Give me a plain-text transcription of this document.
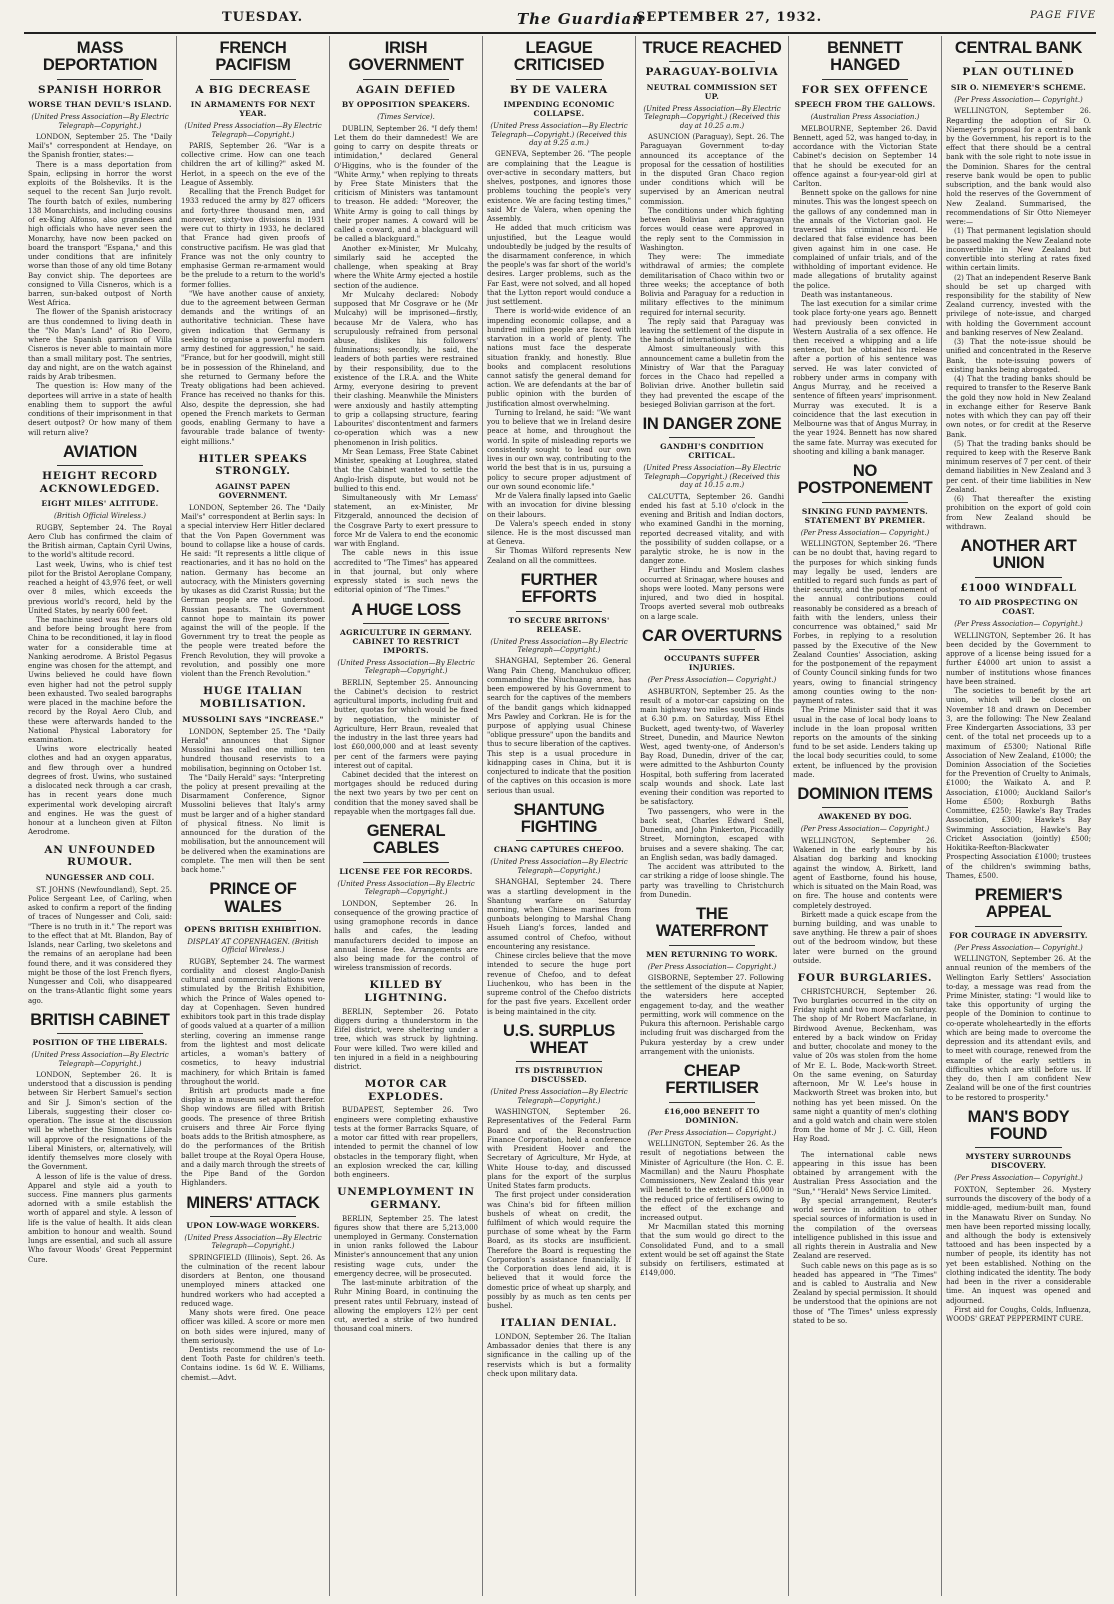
TUESDAY.	The Guardian
SEPTEMBER 27, 1932.	PAGE FIVE
MASS DEPORTATION
SPANISH HORROR
WORSE THAN DEVIL'S ISLAND.
(United Press Association—By Electric Telegraph—Copyright.)

LONDON, September 25. The "Daily Mail's" correspondent at Hendaye, on the Spanish frontier, states:—

There is a mass deportation from Spain, eclipsing in horror the worst exploits of the Bolsheviks. It is the sequel to the recent San Jurjo revolt. The fourth batch of exiles, numbering 138 Monarchists, and including cousins of ex-King Alfonso, also grandees and high officials who have never seen the Monarchy, have now been packed on board the transport "Espana," and this under conditions that are infinitely worse than those of any old time Botany Bay convict ship. The deportees are consigned to Villa Cisneros, which is a barren, sun-baked outpost of North West Africa.

The flower of the Spanish aristocracy are thus condemned to living death in the "No Man's Land" of Rio Deoro, where the Spanish garrison of Villa Cisneros is never able to maintain more than a small military post. The sentries, day and night, are on the watch against raids by Arab tribesmen.

The question is: How many of the deportees will arrive in a state of health enabling them to support the awful conditions of their imprisonment in that desert outpost? Or how many of them will return alive?

AVIATION
HEIGHT RECORD ACKNOWLEDGED.
EIGHT MILES' ALTITUDE.
(British Official Wireless.)

RUGBY, September 24. The Royal Aero Club has confirmed the claim of the British airman, Captain Cyril Uwins, to the world's altitude record.

Last week, Uwins, who is chief test pilot for the Bristol Aeroplane Company, reached a height of 43,976 feet, or well over 8 miles, which exceeds the previous world's record, held by the United States, by nearly 600 feet.

The machine used was five years old and before being brought here from China to be reconditioned, it lay in flood water for a considerable time at Nanking aerodrome. A Bristol Pegasus engine was chosen for the attempt, and Uwins believed he could have flown even higher had not the petrol supply been exhausted. Two sealed barographs were placed in the machine before the record by the Royal Aero Club, and these were afterwards handed to the National Physical Laboratory for examination.

Uwins wore electrically heated clothes and had an oxygen apparatus, and flew through over a hundred degrees of frost. Uwins, who sustained a dislocated neck through a car crash, has in recent years done much experimental work developing aircraft and engines. He was the guest of honour at a luncheon given at Filton Aerodrome.

AN UNFOUNDED RUMOUR.
NUNGESSER AND COLI.

ST. JOHNS (Newfoundland), Sept. 25. Police Sergeant Lee, of Carling, when asked to confirm a report of the finding of traces of Nungesser and Coli, said: "There is no truth in it." The report was to the effect that at Mt. Blandon, Bay of Islands, near Carling, two skeletons and the remains of an aeroplane had been found there, and it was considered they might be those of the lost French flyers, Nungesser and Coli, who disappeared on the trans-Atlantic flight some years ago.

BRITISH CABINET
POSITION OF THE LIBERALS.
(United Press Association—By Electric Telegraph—Copyright.)

LONDON, September 26. It is understood that a discussion is pending between Sir Herbert Samuel's section and Sir J. Simon's section of the Liberals, suggesting their closer co-operation. The issue at the discussion will be whether the Simonite Liberals will approve of the resignations of the Liberal Ministers, or, alternatively, will identify themselves more closely with the Government.

A lesson of life is the value of dress. Apparel and style aid a youth to success. Fine manners plus garments adorned with a smile establish the worth of apparel and style. A lesson of life is the value of health. It aids clean ambition to honour and wealth. Sound lungs are essential, and such all assure Who favour Woods' Great Peppermint Cure.

FRENCH PACIFISM
A BIG DECREASE
IN ARMAMENTS FOR NEXT YEAR.
(United Press Association—By Electric Telegraph—Copyright.)

PARIS, September 26. "War is a collective crime. How can one teach children the art of killing?" asked M. Herlot, in a speech on the eve of the League of Assembly.

Recalling that the French Budget for 1933 reduced the army by 827 officers and forty-three thousand men, and moreover, sixty-two divisions in 1931 were cut to thirty in 1933, he declared that France had given proofs of constructive pacifism. He was glad that France was not the only country to emphasise German re-armament would be the prelude to a return to the world's former follies.

"We have another cause of anxiety, due to the agreement between German demands and the writings of an authoritative technician. These have given indication that Germany is seeking to organise a powerful modern army destined for aggression," he said. "France, but for her goodwill, might still be in possession of the Rhineland, and she returned to Germany before the Treaty obligations had been achieved. France has received no thanks for this. Also, despite the depression, she had opened the French markets to German goods, enabling Germany to have a favourable trade balance of twenty-eight millions."

HITLER SPEAKS STRONGLY.
AGAINST PAPEN GOVERNMENT.

LONDON, September 26. The "Daily Mail's" correspondent at Berlin says: In a special interview Herr Hitler declared that the Von Papen Government was bound to collapse like a house of cards. He said: "It represents a little clique of reactionaries, and it has no hold on the nation. Germany has become an autocracy, with the Ministers governing by ukases as did Czarist Russia; but the German people are not understood. Russian peasants. The Government cannot hope to maintain its power against the will of the people. If the Government try to treat the people as the people were treated before the French Revolution, they will provoke a revolution, and possibly one more violent than the French Revolution."

HUGE ITALIAN MOBILISATION.
MUSSOLINI SAYS "INCREASE."

LONDON, September 25. The "Daily Herald" announces that Signor Mussolini has called one million ten hundred thousand reservists to a mobilisation, beginning on October 1st.

The "Daily Herald" says: "Interpreting the policy at present prevailing at the Disarmament Conference, Signor Mussolini believes that Italy's army must be larger and of a higher standard of physical fitness. No limit is announced for the duration of the mobilisation, but the announcement will be delivered when the examinations are complete. The men will then be sent back home."

PRINCE OF WALES
OPENS BRITISH EXHIBITION.
DISPLAY AT COPENHAGEN. (British Official Wireless.)

RUGBY, September 24. The warmest cordiality and closest Anglo-Danish cultural and commercial relations were stimulated by the British Exhibition, which the Prince of Wales opened to-day at Copenhagen. Seven hundred exhibitors took part in this trade display of goods valued at a quarter of a million sterling, covering an immense range from the lightest and most delicate articles, a woman's battery of cosmetics, to heavy industrial machinery, for which Britain is famed throughout the world.

British art products made a fine display in a museum set apart therefor. Shop windows are filled with British goods. The presence of three British cruisers and three Air Force flying boats adds to the British atmosphere, as do the performances of the British ballet troupe at the Royal Opera House, and a daily march through the streets of the Pipe Band of the Gordon Highlanders.

MINERS' ATTACK
UPON LOW-WAGE WORKERS.
(United Press Association—By Electric Telegraph—Copyright.)

SPRINGFIELD (Illinois), Sept. 26. As the culmination of the recent labour disorders at Benton, one thousand unemployed miners attacked one hundred workers who had accepted a reduced wage.

Many shots were fired. One peace officer was killed. A score or more men on both sides were injured, many of them seriously.

Dentists recommend the use of Lo-dent Tooth Paste for children's teeth. Contains iodine. 1s 6d W. E. Williams, chemist.—Advt.

IRISH GOVERNMENT
AGAIN DEFIED
BY OPPOSITION SPEAKERS.
(Times Service).

DUBLIN, September 26. "I defy them! Let them do their damnedest! We are going to carry on despite threats or intimidation," declared General O'Higgins, who is the founder of the "White Army," when replying to threats by Free State Ministers that the criticism of Ministers was tantamount to treason. He added: "Moreover, the White Army is going to call things by their proper names. A coward will be called a coward, and a blackguard will be called a blackguard."

Another ex-Minister, Mr Mulcahy, similarly said he accepted the challenge, when speaking at Bray where the White Army ejected a hostile section of the audience.

Mr Mulcahy declared: Nobody supposed that Mr Cosgrave or he (Mr Mulcahy) will be imprisoned—firstly, because Mr de Valera, who has scrupulously refrained from personal abuse, dislikes his followers' fulminations; secondly, he said, the leaders of both parties were restrained by their responsibility, due to the existence of the I.R.A. and the White Army, everyone desiring to prevent their clashing. Meanwhile the Ministers were anxiously and hastily attempting to grip a collapsing structure, fearing Labourites' discontentment and farmers co-operation which was a new phenomenon in Irish politics.

Mr Sean Lemass, Free State Cabinet Minister, speaking at Loughrea, stated that the Cabinet wanted to settle the Anglo-Irish dispute, but would not be bullied to this end.

Simultaneously with Mr Lemass' statement, an ex-Minister, Mr Fitzgerald, announced the decision of the Cosgrave Party to exert pressure to force Mr de Valera to end the economic war with England.

The cable news in this issue accredited to "The Times" has appeared in that journal, but only where expressly stated is such news the editorial opinion of "The Times."

A HUGE LOSS
AGRICULTURE IN GERMANY. CABINET TO RESTRICT IMPORTS.
(United Press Association—By Electric Telegraph—Copyright.)

BERLIN, September 25. Announcing the Cabinet's decision to restrict agricultural imports, including fruit and butter, quotas for which would be fixed by negotiation, the minister of Agriculture, Herr Braun, revealed that the industry in the last three years had lost £60,000,000 and at least seventy per cent of the farmers were paying interest out of capital.

Cabinet decided that the interest on mortgages should be reduced during the next two years by two per cent on condition that the money saved shall be repayable when the mortgages fall due.

GENERAL CABLES
LICENSE FEE FOR RECORDS.
(United Press Association—By Electric Telegraph—Copyright.)

LONDON, September 26. In consequence of the growing practice of using gramophone records in dance halls and cafes, the leading manufacturers decided to impose an annual license fee. Arrangements are also being made for the control of wireless transmission of records.

KILLED BY LIGHTNING.

BERLIN, September 26. Potato diggers during a thunderstorm in the Eifel district, were sheltering under a tree, which was struck by lightning. Four were killed. Two were killed and ten injured in a field in a neighbouring district.

MOTOR CAR EXPLODES.

BUDAPEST, September 26. Two engineers were completing exhaustive tests at the former Barracks Square, of a motor car fitted with rear propellers, intended to permit the channel of low obstacles in the temporary flight, when an explosion wrecked the car, killing both engineers.

UNEMPLOYMENT IN GERMANY.

BERLIN, September 25. The latest figures show that there are 5,213,000 unemployed in Germany. Consternation in union ranks followed the Labour Minister's announcement that any union resisting wage cuts, under the emergency decree, will be prosecuted.

The last-minute arbitration of the Ruhr Mining Board, in continuing the present rates until February, instead of allowing the employers 12½ per cent cut, averted a strike of two hundred thousand coal miners.

LEAGUE CRITICISED
BY DE VALERA
IMPENDING ECONOMIC COLLAPSE.
(United Press Association—By Electric Telegraph—Copyright.) (Received this day at 9.25 a.m.)

GENEVA, September 26. "The people are complaining that the League is over-active in secondary matters, but shelves, postpones, and ignores those problems touching the people's very existence. We are facing testing times," said Mr de Valera, when opening the Assembly.

He added that much criticism was unjustified, but the League would undoubtedly be judged by the results of the disarmament conference, in which the people's was far short of the world's desires. Larger problems, such as the Far East, were not solved, and all hoped that the Lytton report would conduce a just settlement.

There is world-wide evidence of an impending economic collapse, and a hundred million people are faced with starvation in a world of plenty. The nations must face the desperate situation frankly, and honestly. Blue books and complacent resolutions cannot satisfy the general demand for action. We are defendants at the bar of public opinion with the burden of justification almost overwhelming.

Turning to Ireland, he said: "We want you to believe that we in Ireland desire peace at home, and throughout the world. In spite of misleading reports we consistently sought to lead our own lives in our own way, contributing to the world the best that is in us, pursuing a policy to secure proper adjustment of our own sound economic life."

Mr de Valera finally lapsed into Gaelic with an invocation for divine blessing on their labours.

De Valera's speech ended in stony silence. He is the most discussed man at Geneva.

Sir Thomas Wilford represents New Zealand on all the committees.

FURTHER EFFORTS
TO SECURE BRITONS' RELEASE.
(United Press Association—By Electric Telegraph—Copyright.)

SHANGHAI, September 26. General Wang Pain Cheng, Manchukuo officer, commanding the Niuchuang area, has been empowered by his Government to search for the captives of the members of the bandit gangs which kidnapped Mrs Pawley and Corkran. He is for the purpose of applying usual Chinese "oblique pressure" upon the bandits and thus to secure liberation of the captives. This step is a usual procedure in kidnapping cases in China, but it is conjectured to indicate that the position of the captives on this occasion is more serious than usual.

SHANTUNG FIGHTING
CHANG CAPTURES CHEFOO.
(United Press Association—By Electric Telegraph—Copyright.)

SHANGHAI, September 24. There was a startling development in the Shantung warfare on Saturday morning, when Chinese marines from gunboats belonging to Marshal Chang Hsueh Liang's forces, landed and assumed control of Chefoo, without encountering any resistance.

Chinese circles believe that the move intended to secure the huge port revenue of Chefoo, and to defeat Liuchenkou, who has been in the supreme control of the Chefoo districts for the past five years. Excellent order is being maintained in the city.

U.S. SURPLUS WHEAT
ITS DISTRIBUTION DISCUSSED.
(United Press Association—By Electric Telegraph—Copyright.)

WASHINGTON, September 26. Representatives of the Federal Farm Board and of the Reconstruction Finance Corporation, held a conference with President Hoover and the Secretary of Agriculture, Mr Hyde, at White House to-day, and discussed plans for the export of the surplus United States farm products.

The first project under consideration was China's bid for fifteen million bushels of wheat on credit, the fulfilment of which would require the purchase of some wheat by the Farm Board, as its stocks are insufficient. Therefore the Board is requesting the Corporation's assistance financially. If the Corporation does lend aid, it is believed that it would force the domestic price of wheat up sharply, and possibly by as much as ten cents per bushel.

ITALIAN DENIAL.

LONDON, September 26. The Italian Ambassador denies that there is any significance in the calling up of the reservists which is but a formality check upon military data.

TRUCE REACHED
PARAGUAY-BOLIVIA
NEUTRAL COMMISSION SET UP.
(United Press Association—By Electric Telegraph—Copyright.) (Received this day at 10.25 a.m.)

ASUNCION (Paraguay), Sept. 26. The Paraguayan Government to-day announced its acceptance of the proposal for the cessation of hostilities in the disputed Gran Chaco region under conditions which will be supervised by an American neutral commission.

The conditions under which fighting between Bolivian and Paraguayan forces would cease were approved in the reply sent to the Commission in Washington.

They were: The immediate withdrawal of armies; the complete demilitarisation of Chaco within two or three weeks; the acceptance of both Bolivia and Paraguay for a reduction in military effectives to the minimum required for internal security.

The reply said that Paraguay was leaving the settlement of the dispute in the hands of international justice.

Almost simultaneously with this announcement came a bulletin from the Ministry of War that the Paraguay forces in the Chaco had repelled a Bolivian drive. Another bulletin said they had prevented the escape of the besieged Bolivian garrison at the fort.

IN DANGER ZONE
GANDHI'S CONDITION CRITICAL.
(United Press Association—By Electric Telegraph—Copyright.) (Received this day at 10.15 a.m.)

CALCUTTA, September 26. Gandhi ended his fast at 5.10 o'clock in the evening and British and Indian doctors, who examined Gandhi in the morning, reported decreased vitality, and with the possibility of sudden collapse, or a paralytic stroke, he is now in the danger zone.

Further Hindu and Moslem clashes occurred at Srinagar, where houses and shops were looted. Many persons were injured, and two died in hospital. Troops averted several mob outbreaks on a large scale.

CAR OVERTURNS
OCCUPANTS SUFFER INJURIES.
(Per Press Association— Copyright.)

ASHBURTON, September 25. As the result of a motor-car capsizing on the main highway two miles south of Hinds at 6.30 p.m. on Saturday, Miss Ethel Buckett, aged twenty-two, of Waverley Street, Dunedin, and Maurice Newton West, aged twenty-one, of Anderson's Bay Road, Dunedin, driver of the car, were admitted to the Ashburton County Hospital, both suffering from lacerated scalp wounds and shock. Late last evening their condition was reported to be satisfactory.

Two passengers, who were in the back seat, Charles Edward Snell, Dunedin, and John Pinkerton, Piccadilly Street, Mornington, escaped with bruises and a severe shaking. The car, an English sedan, was badly damaged.

The accident was attributed to the car striking a ridge of loose shingle. The party was travelling to Christchurch from Dunedin.

THE WATERFRONT
MEN RETURNING TO WORK.
(Per Press Association— Copyright.)

GISBORNE, September 27. Following the settlement of the dispute at Napier, the watersiders here accepted engagement to-day, and the weather permitting, work will commence on the Pukura this afternoon. Perishable cargo including fruit was discharged from the Pukura yesterday by a crew under arrangement with the unionists.

CHEAP FERTILISER
£16,000 BENEFIT TO DOMINION.
(Per Press Association— Copyright.)

WELLINGTON, September 26. As the result of negotiations between the Minister of Agriculture (the Hon. C. E. Macmillan) and the Nauru Phosphate Commissioners, New Zealand this year will benefit to the extent of £16,000 in the reduced price of fertilisers owing to the effect of the exchange and increased output.

Mr Macmillan stated this morning that the sum would go direct to the Consolidated Fund, and to a small extent would be set off against the State subsidy on fertilisers, estimated at £149,000.

BENNETT HANGED
FOR SEX OFFENCE
SPEECH FROM THE GALLOWS.
(Australian Press Association.)

MELBOURNE, September 26. David Bennett, aged 52, was hanged to-day, in accordance with the Victorian State Cabinet's decision on September 14 that he should be executed for an offence against a four-year-old girl at Carlton.

Bennett spoke on the gallows for nine minutes. This was the longest speech on the gallows of any condemned man in the annals of the Victorian gaol. He traversed his criminal record. He declared that false evidence has been given against him in one case. He complained of unfair trials, and of the withholding of important evidence. He made allegations of brutality against the police.

Death was instantaneous.

The last execution for a similar crime took place forty-one years ago. Bennett had previously been convicted in Western Australia of a sex offence. He then received a whipping and a life sentence, but he obtained his release after a portion of his sentence was served. He was later convicted of robbery under arms in company with Angus Murray, and he received a sentence of fifteen years' imprisonment. Murray was executed. It is a coincidence that the last execution in Melbourne was that of Angus Murray, in the year 1924. Bennett has now shared the same fate. Murray was executed for shooting and killing a bank manager.

NO POSTPONEMENT
SINKING FUND PAYMENTS. STATEMENT BY PREMIER.
(Per Press Association— Copyright.)

WELLINGTON, September 26. "There can be no doubt that, having regard to the purposes for which sinking funds may legally be used, lenders are entitled to regard such funds as part of their security, and the postponement of the annual contributions could reasonably be considered as a breach of faith with the lenders, unless their concurrence was obtained," said Mr Forbes, in replying to a resolution passed by the Executive of the New Zealand Counties' Association, asking for the postponement of the repayment of County Council sinking funds for two years, owing to financial stringency among counties owing to the non-payment of rates.

The Prime Minister said that it was usual in the case of local body loans to include in the loan proposal written reports on the amounts of the sinking fund to be set aside. Lenders taking up the local body securities could, to some extent, be influenced by the provision made.

DOMINION ITEMS
AWAKENED BY DOG.
(Per Press Association— Copyright.)

WELLINGTON, September 26. Wakened in the early hours by his Alsatian dog barking and knocking against the window, A. Birkett, land agent of Eastborne, found his house, which is situated on the Main Road, was on fire. The house and contents were completely destroyed.

Birkett made a quick escape from the burning building, and was unable to save anything. He threw a pair of shoes out of the bedroom window, but these later were burned on the ground outside.

FOUR BURGLARIES.

CHRISTCHURCH, September 26. Two burglaries occurred in the city on Friday night and two more on Saturday. The shop of Mr Robert Macfarlane, in Birdwood Avenue, Beckenham, was entered by a back window on Friday and butter, chocolate and money to the value of 20s was stolen from the home of Mr E. L. Bode, Mack-worth Street. On the same evening, on Saturday afternoon, Mr W. Lee's house in Mackworth Street was broken into, but nothing has yet been missed. On the same night a quantity of men's clothing and a gold watch and chain were stolen from the home of Mr J. C. Gill, Heon Hay Road.

The international cable news appearing in this issue has been obtained by arrangement with the Australian Press Association and the "Sun," "Herald" News Service Limited.

By special arrangement, Reuter's world service in addition to other special sources of information is used in the compilation of the overseas intelligence published in this issue and all rights therein in Australia and New Zealand are reserved.

Such cable news on this page as is so headed has appeared in "The Times" and is cabled to Australia and New Zealand by special permission. It should be understood that the opinions are not those of "The Times" unless expressly stated to be so.

CENTRAL BANK
PLAN OUTLINED
SIR O. NIEMEYER'S SCHEME.
(Per Press Association— Copyright.)

WELLINGTON, September 26. Regarding the adoption of Sir O. Niemeyer's proposal for a central bank by the Government, his report is to the effect that there should be a central bank with the sole right to note issue in the Dominion. Shares for the central reserve bank would be open to public subscription, and the bank would also hold the reserves of the Government of New Zealand. Summarised, the recommendations of Sir Otto Niemeyer were:—

(1) That permanent legislation should be passed making the New Zealand note inconvertible in New Zealand but convertible into sterling at rates fixed within certain limits.

(2) That an independent Reserve Bank should be set up charged with responsibility for the stability of New Zealand currency, invested with the privilege of note-issue, and charged with holding the Government account and banking reserves of New Zealand.

(3) That the note-issue should be unified and concentrated in the Reserve Bank, the note-issuing powers of existing banks being abrogated.

(4) That the trading banks should be required to transfer to the Reserve Bank the gold they now hold in New Zealand in exchange either for Reserve Bank notes with which they can pay off their own notes, or for credit at the Reserve Bank.

(5) That the trading banks should be required to keep with the Reserve Bank minimum reserves of 7 per cent. of their demand liabilities in New Zealand and 3 per cent. of their time liabilities in New Zealand.

(6) That thereafter the existing prohibition on the export of gold coin from New Zealand should be withdrawn.

ANOTHER ART UNION
£1000 WINDFALL
TO AID PROSPECTING ON COAST.
(Per Press Association— Copyright.)

WELLINGTON, September 26. It has been decided by the Government to approve of a license being issued for a further £4000 art union to assist a number of institutions whose finances have been strained.

The societies to benefit by the art union, which will be closed on November 18 and drawn on December 3, are the following: The New Zealand Free Kindergarten Associations, 33 per cent. of the total net proceeds up to a maximum of £5300; National Rifle Association of New Zealand, £1000; the Dominion Association of the Societies for the Prevention of Cruelty to Animals, £1000; the Waikato A. and P. Association, £1000; Auckland Sailor's Home £500; Roxburgh Baths Committee, £250; Hawke's Bay Trades Association, £300; Hawke's Bay Swimming Association, Hawke's Bay Cricket Association (jointly) £500; Hokitika-Reefton-Blackwater Prospecting Association £1000; trustees of the children's swimming baths, Thames, £500.

PREMIER'S APPEAL
FOR COURAGE IN ADVERSITY.
(Per Press Association— Copyright.)

WELLINGTON, September 26. At the annual reunion of the members of the Wellington Early Settlers' Association to-day, a message was read from the Prime Minister, stating: "I would like to take this opportunity of urging the people of the Dominion to continue to co-operate wholeheartedly in the efforts which are being made to overcome the depression and its attendant evils, and to meet with courage, renewed from the example of the early settlers in difficulties which are still before us. If they do, then I am confident New Zealand will be one of the first countries to be restored to prosperity."

MAN'S BODY FOUND
MYSTERY SURROUNDS DISCOVERY.
(Per Press Association— Copyright.)

FOXTON, September 26. Mystery surrounds the discovery of the body of a middle-aged, medium-built man, found in the Manawatu River on Sunday. No men have been reported missing locally, and although the body is extensively tattooed and has been inspected by a number of people, its identity has not yet been established. Nothing on the clothing indicated the identity. The body had been in the river a considerable time. An inquest was opened and adjourned.

First aid for Coughs, Colds, Influenza, WOODS' GREAT PEPPERMINT CURE.
